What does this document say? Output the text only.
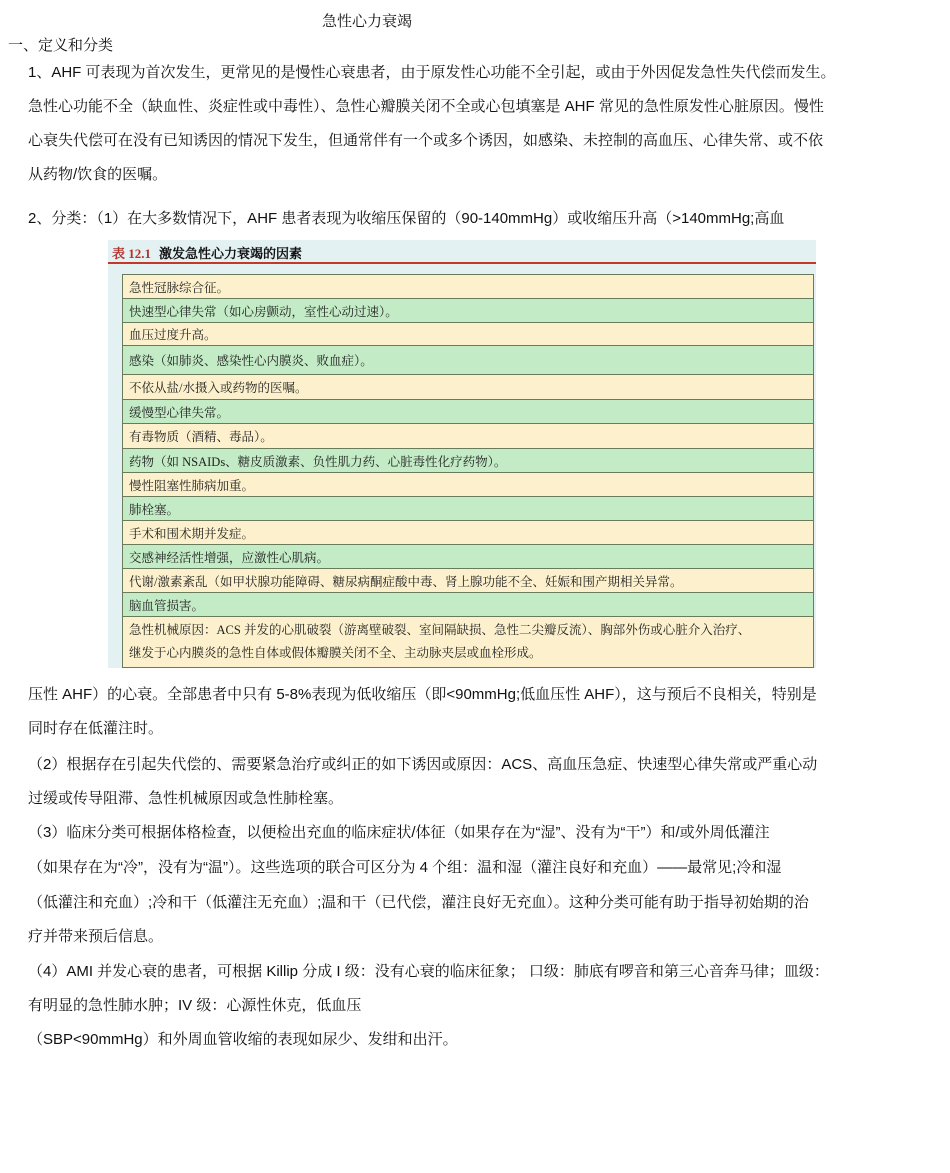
急性心力衰竭
一、定义和分类
1、AHF 可表现为首次发生，更常见的是慢性心衰患者，由于原发性心功能不全引起，或由于外因促发急性失代偿而发生。
急性心功能不全（缺血性、炎症性或中毒性）、急性心瓣膜关闭不全或心包填塞是 AHF 常见的急性原发性心脏原因。慢性
心衰失代偿可在没有已知诱因的情况下发生，但通常伴有一个或多个诱因，如感染、未控制的高血压、心律失常、或不依
从药物/饮食的医嘱。
2、分类：（1）在大多数情况下，AHF 患者表现为收缩压保留的（90-140mmHg）或收缩压升高（>140mmHg;高血
表 12.1 激发急性心力衰竭的因素
急性冠脉综合征。
快速型心律失常（如心房颤动，室性心动过速）。
血压过度升高。
感染（如肺炎、感染性心内膜炎、败血症）。
不依从盐/水摄入或药物的医嘱。
缓慢型心律失常。
有毒物质（酒精、毒品）。
药物（如 NSAIDs、糖皮质激素、负性肌力药、心脏毒性化疗药物）。
慢性阻塞性肺病加重。
肺栓塞。
手术和围术期并发症。
交感神经活性增强，应激性心肌病。
代谢/激素紊乱（如甲状腺功能障碍、糖尿病酮症酸中毒、肾上腺功能不全、妊娠和围产期相关异常。
脑血管损害。
急性机械原因：ACS 并发的心肌破裂（游离壁破裂、室间隔缺损、急性二尖瓣反流）、胸部外伤或心脏介入治疗、
继发于心内膜炎的急性自体或假体瓣膜关闭不全、主动脉夹层或血栓形成。
压性 AHF）的心衰。全部患者中只有 5-8%表现为低收缩压（即<90mmHg;低血压性 AHF），这与预后不良相关，特别是
同时存在低灌注时。
（2）根据存在引起失代偿的、需要紧急治疗或纠正的如下诱因或原因：ACS、高血压急症、快速型心律失常或严重心动
过缓或传导阻滞、急性机械原因或急性肺栓塞。
（3）临床分类可根据体格检查，以便检出充血的临床症状/体征（如果存在为“湿”、没有为“干”）和/或外周低灌注
（如果存在为“冷”，没有为“温”）。这些选项的联合可区分为 4 个组：温和湿（灌注良好和充血）——最常见;冷和湿
（低灌注和充血）;冷和干（低灌注无充血）;温和干（已代偿，灌注良好无充血）。这种分类可能有助于指导初始期的治
疗并带来预后信息。
（4）AMI 并发心衰的患者，可根据 Killip 分成 I 级：没有心衰的临床征象； 口级：肺底有啰音和第三心音奔马律；皿级：
有明显的急性肺水肿；IV 级：心源性休克，低血压
（SBP<90mmHg）和外周血管收缩的表现如尿少、发绀和出汗。
